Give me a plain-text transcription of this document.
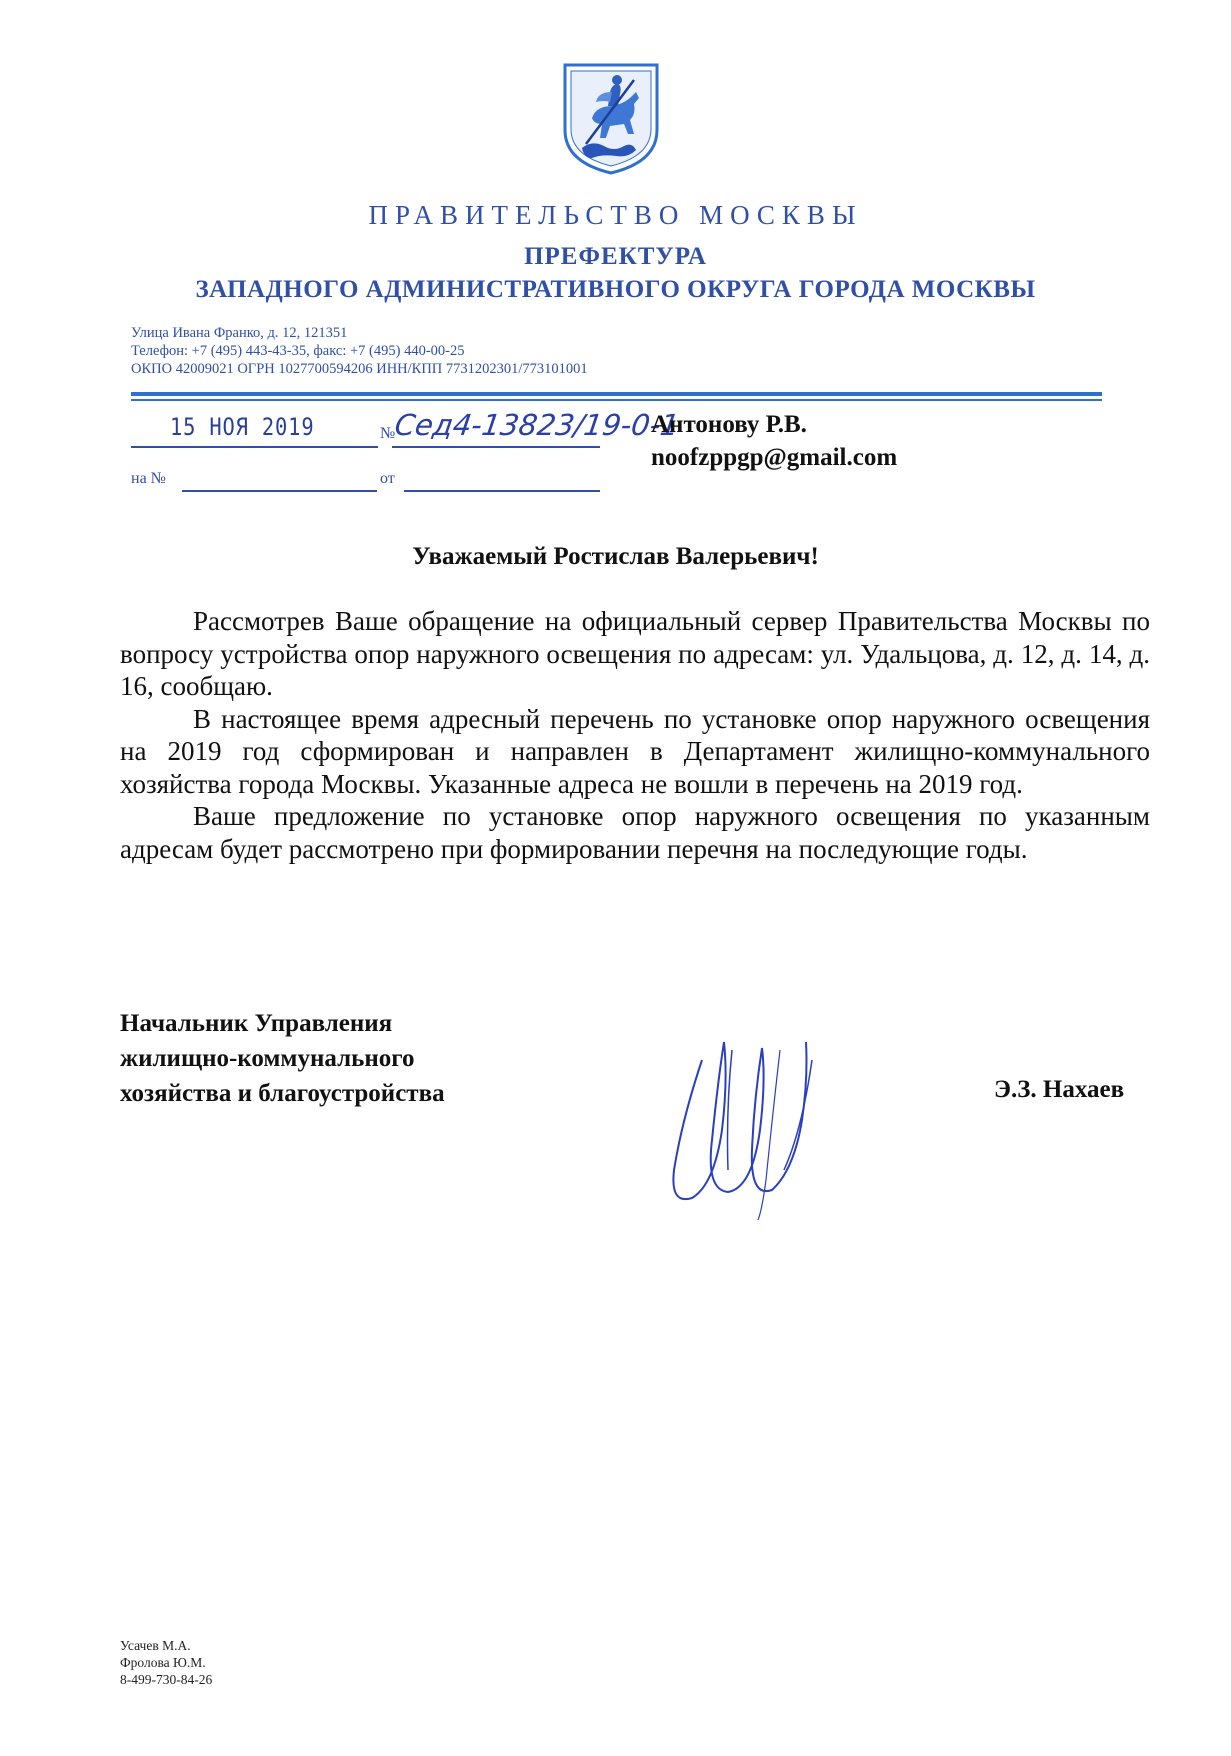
ПРАВИТЕЛЬСТВО МОСКВЫ
ПРЕФЕКТУРА
ЗАПАДНОГО АДМИНИСТРАТИВНОГО ОКРУГА ГОРОДА МОСКВЫ
Улица Ивана Франко, д. 12, 121351
Телефон: +7 (495) 443-43-35, факс: +7 (495) 440-00-25
ОКПО 42009021 ОГРН 1027700594206 ИНН/КПП 7731202301/773101001
15 НОЯ 2019	№
Сед4-13823/19-0-1
на №	от
Антонову Р.В.
noofzppgp@gmail.com
Уважаемый Ростислав Валерьевич!

Рассмотрев Ваше обращение на официальный сервер Правительства Москвы по вопросу устройства опор наружного освещения по адресам: ул. Удальцова, д. 12, д. 14, д. 16, сообщаю.

В настоящее время адресный перечень по установке опор наружного освещения на 2019 год сформирован и направлен в Департамент жилищно-коммунального хозяйства города Москвы. Указанные адреса не вошли в перечень на 2019 год.

Ваше предложение по установке опор наружного освещения по указанным адресам будет рассмотрено при формировании перечня на последующие годы.

Начальник Управления
жилищно-коммунального
хозяйства и благоустройства	Э.З. Нахаев
Усачев М.А.
Фролова Ю.М.
8-499-730-84-26
